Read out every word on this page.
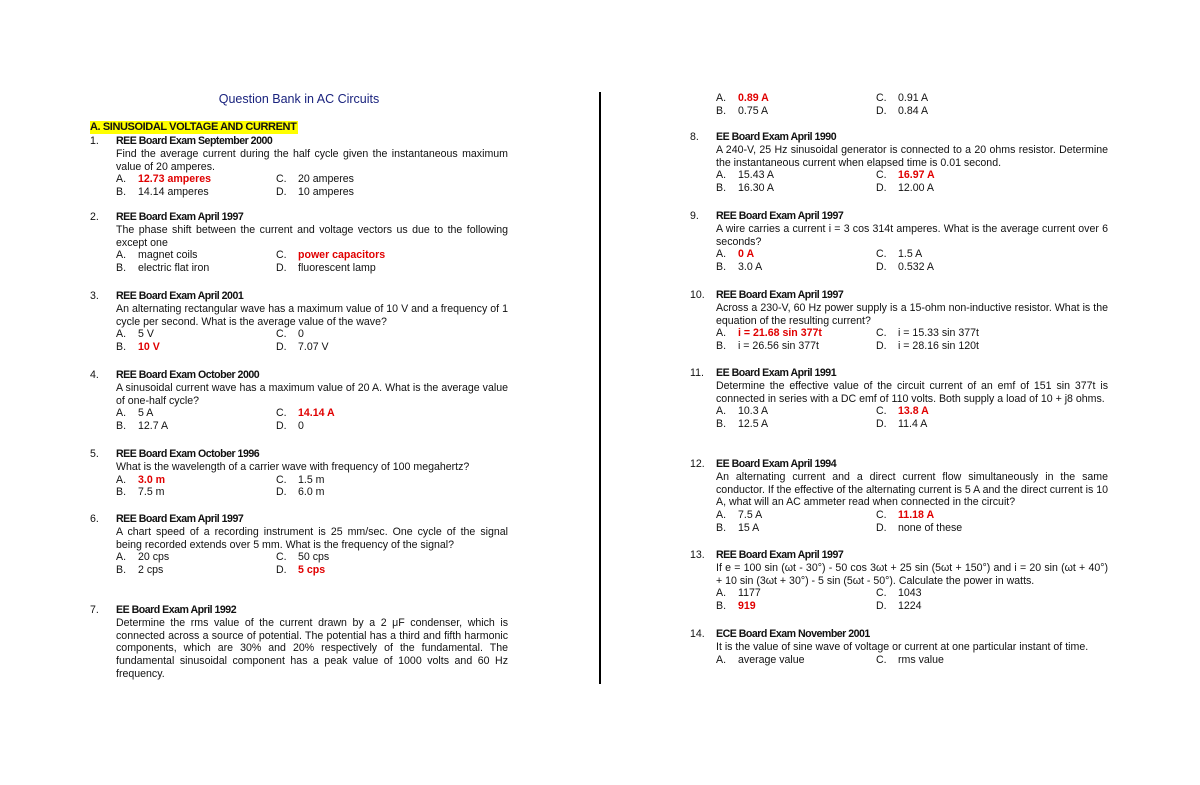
Question Bank in AC Circuits
A. SINUSOIDAL VOLTAGE AND CURRENT
A.	0.89 A	C.	0.91 A
B.	0.75 A	D.	0.84 A
1.	REE Board Exam September 2000
Find the average current during the half cycle given the instantaneous maximum value of 20 amperes.
A.	12.73 amperes	C.	20 amperes
B.	14.14 amperes	D.	10 amperes
2.	REE Board Exam April 1997
The phase shift between the current and voltage vectors us due to the following except one
A.	magnet coils	C.	power capacitors
B.	electric flat iron	D.	fluorescent lamp
3.	REE Board Exam April 2001
An alternating rectangular wave has a maximum value of 10 V and a frequency of 1 cycle per second. What is the average value of the wave?
A.	5 V	C.	0
B.	10 V	D.	7.07 V
4.	REE Board Exam October 2000
A sinusoidal current wave has a maximum value of 20 A. What is the average value of one-half cycle?
A.	5 A	C.	14.14 A
B.	12.7 A	D.	0
5.	REE Board Exam October 1996
What is the wavelength of a carrier wave with frequency of 100 megahertz?
A.	3.0 m	C.	1.5 m
B.	7.5 m	D.	6.0 m
6.	REE Board Exam April 1997
A chart speed of a recording instrument is 25 mm/sec. One cycle of the signal being recorded extends over 5 mm. What is the frequency of the signal?
A.	20 cps	C.	50 cps
B.	2 cps	D.	5 cps
7.	EE Board Exam April 1992
Determine the rms value of the current drawn by a 2 μF condenser, which is connected across a source of potential. The potential has a third and fifth harmonic components, which are 30% and 20% respectively of the fundamental. The fundamental sinusoidal component has a peak value of 1000 volts and 60 Hz frequency.
8.	EE Board Exam April 1990
A 240-V, 25 Hz sinusoidal generator is connected to a 20 ohms resistor. Determine the instantaneous current when elapsed time is 0.01 second.
A.	15.43 A	C.	16.97 A
B.	16.30 A	D.	12.00 A
9.	REE Board Exam April 1997
A wire carries a current i = 3 cos 314t amperes. What is the average current over 6 seconds?
A.	0 A	C.	1.5 A
B.	3.0 A	D.	0.532 A
10.	REE Board Exam April 1997
Across a 230-V, 60 Hz power supply is a 15-ohm non-inductive resistor. What is the equation of the resulting current?
A.	i = 21.68 sin 377t	C.	i = 15.33 sin 377t
B.	i = 26.56 sin 377t	D.	i = 28.16 sin 120t
11.	EE Board Exam April 1991
Determine the effective value of the circuit current of an emf of 151 sin 377t is connected in series with a DC emf of 110 volts. Both supply a load of 10 + j8 ohms.
A.	10.3 A	C.	13.8 A
B.	12.5 A	D.	11.4 A
12.	EE Board Exam April 1994
An alternating current and a direct current flow simultaneously in the same conductor. If the effective of the alternating current is 5 A and the direct current is 10 A, what will an AC ammeter read when connected in the circuit?
A.	7.5 A	C.	11.18 A
B.	15 A	D.	none of these
13.	REE Board Exam April 1997
If e = 100 sin (ωt - 30°) - 50 cos 3ωt + 25 sin (5ωt + 150°) and i = 20 sin (ωt + 40°) + 10 sin (3ωt + 30°) - 5 sin (5ωt - 50°). Calculate the power in watts.
A.	1177	C.	1043
B.	919	D.	1224
14.	ECE Board Exam November 2001
It is the value of sine wave of voltage or current at one particular instant of time.
A.	average value	C.	rms value
